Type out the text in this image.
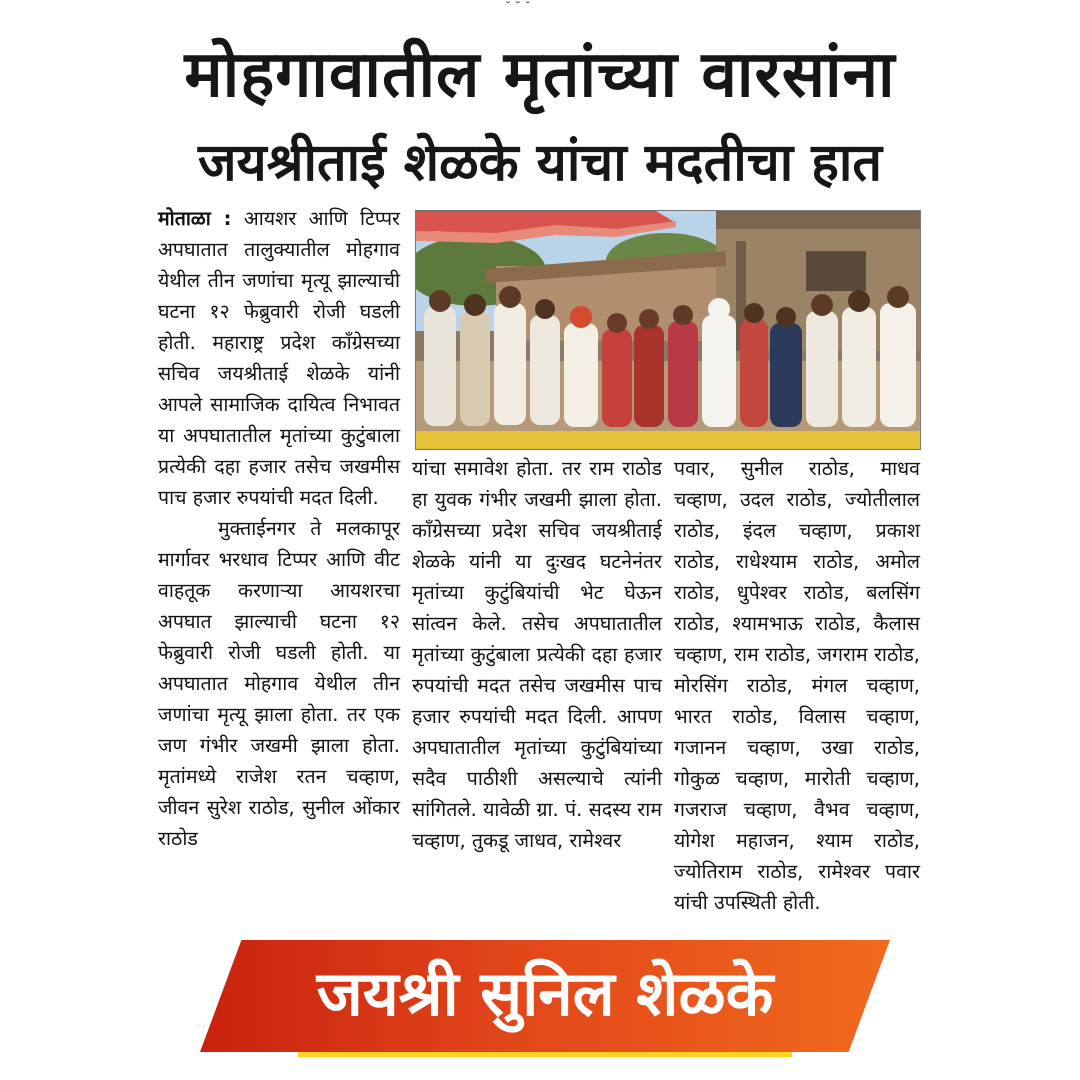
˘ ˘ ˘
मोहगावातील मृतांच्या वारसांना
जयश्रीताई शेळके यांचा मदतीचा हात

मोताळा : आयशर आणि टिप्पर अपघातात तालुक्यातील मोहगाव येथील तीन जणांचा मृत्यू झाल्याची घटना १२ फेब्रुवारी रोजी घडली होती. महाराष्ट्र प्रदेश काँग्रेसच्या सचिव जयश्रीताई शेळके यांनी आपले सामाजिक दायित्व निभावत या अपघातातील मृतांच्या कुटुंबाला प्रत्येकी दहा हजार तसेच जखमीस पाच हजार रुपयांची मदत दिली.

मुक्ताईनगर ते मलकापूर मार्गावर भरधाव टिप्पर आणि वीट वाहतूक करणाऱ्या आयशरचा अपघात झाल्याची घटना १२ फेब्रुवारी रोजी घडली होती. या अपघातात मोहगाव येथील तीन जणांचा मृत्यू झाला होता. तर एक जण गंभीर जखमी झाला होता. मृतांमध्ये राजेश रतन चव्हाण, जीवन सुरेश राठोड, सुनील ओंकार राठोड

यांचा समावेश होता. तर राम राठोड हा युवक गंभीर जखमी झाला होता. काँग्रेसच्या प्रदेश सचिव जयश्रीताई शेळके यांनी या दुःखद घटनेनंतर मृतांच्या कुटुंबियांची भेट घेऊन सांत्वन केले. तसेच अपघातातील मृतांच्या कुटुंबाला प्रत्येकी दहा हजार रुपयांची मदत तसेच जखमीस पाच हजार रुपयांची मदत दिली. आपण अपघातातील मृतांच्या कुटुंबियांच्या सदैव पाठीशी असल्याचे त्यांनी सांगितले. यावेळी ग्रा. पं. सदस्य राम चव्हाण, तुकडू जाधव, रामेश्वर
पवार, सुनील राठोड, माधव चव्हाण, उदल राठोड, ज्योतीलाल राठोड, इंदल चव्हाण, प्रकाश राठोड, राधेश्याम राठोड, अमोल राठोड, धुपेश्वर राठोड, बलसिंग राठोड, श्यामभाऊ राठोड, कैलास चव्हाण, राम राठोड, जगराम राठोड, मोरसिंग राठोड, मंगल चव्हाण, भारत राठोड, विलास चव्हाण, गजानन चव्हाण, उखा राठोड, गोकुळ चव्हाण, मारोती चव्हाण, गजराज चव्हाण, वैभव चव्हाण, योगेश महाजन, श्याम राठोड, ज्योतिराम राठोड, रामेश्वर पवार यांची उपस्थिती होती.
जयश्री सुनिल शेळके
